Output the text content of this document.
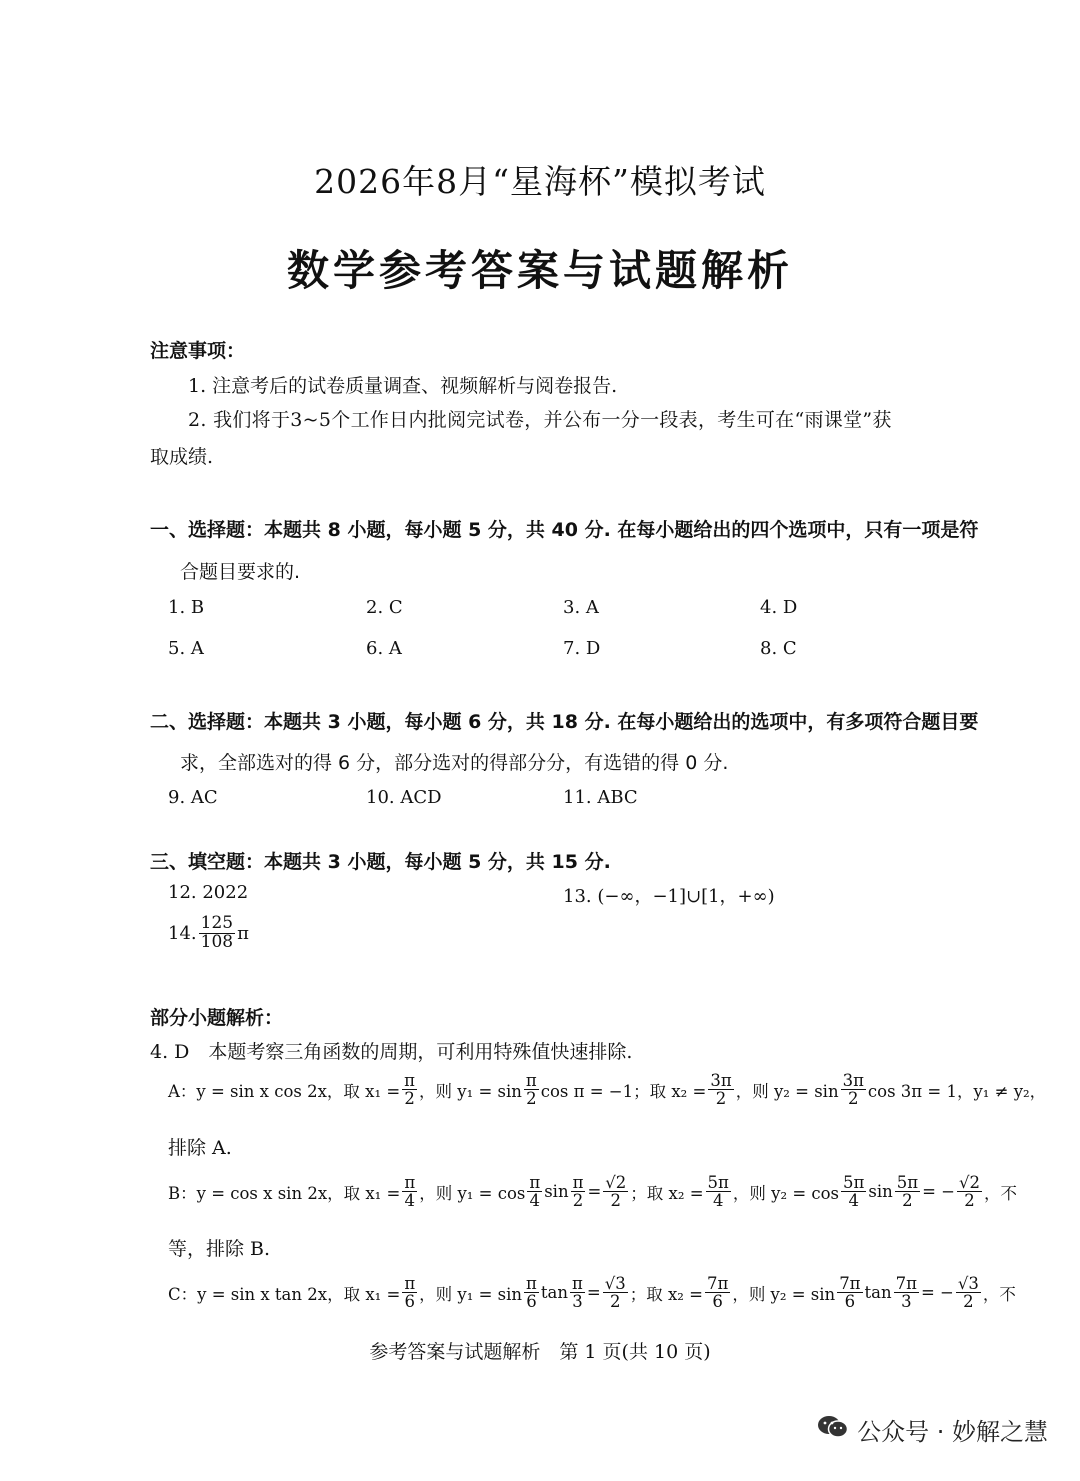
2026年8月“星海杯”模拟考试
数学参考答案与试题解析
注意事项：
1. 注意考后的试卷质量调查、视频解析与阅卷报告.
2. 我们将于3~5个工作日内批阅完试卷，并公布一分一段表，考生可在“雨课堂”获
取成绩.
一、选择题：本题共 8 小题，每小题 5 分，共 40 分. 在每小题给出的四个选项中，只有一项是符
合题目要求的.
1. B	2. C	3. A	4. D
5. A	6. A	7. D	8. C
二、选择题：本题共 3 小题，每小题 6 分，共 18 分. 在每小题给出的选项中，有多项符合题目要
求，全部选对的得 6 分，部分选对的得部分分，有选错的得 0 分.
9. AC	10. ACD	11. ABC
三、填空题：本题共 3 小题，每小题 5 分，共 15 分.
12. 2022	13. (−∞，−1]∪[1，+∞)
14. $\frac{125}{108}$ π
部分小题解析：
4. D　本题考察三角函数的周期，可利用特殊值快速排除.
A：y = sin x cos 2x，取 $x_1 = \frac{\pi}{2}$ ，则 $y_1 = \sin \frac{\pi}{2}$ cos π = −1；取 $x_2 = \frac{3\pi}{2}$ ，则 $y_2 = \sin \frac{3\pi}{2}$ cos 3π = 1，y₁ ≠ y₂，
排除 A.
B：y = cos x sin 2x，取 $x_1 = \frac{\pi}{4}$ ，则 $y_1 = \cos \frac{\pi}{4}$ $\sin \frac{\pi}{2} = \frac{√2}{2}$ ；取 $x_2 = \frac{5\pi}{4}$ ，则 $y_2 = \cos \frac{5\pi}{4}$ $\sin \frac{5\pi}{2}$ = − $\frac{√2}{2}$ ，不
等，排除 B.
C：y = sin x tan 2x，取 $x_1 = \frac{\pi}{6}$ ，则 $y_1 = \sin \frac{\pi}{6}$ $\tan \frac{\pi}{3} = \frac{√3}{2}$ ；取 $x_2 = \frac{7\pi}{6}$ ，则 $y_2 = \sin \frac{7\pi}{6}$ $\tan \frac{7\pi}{3}$ = − $\frac{√3}{2}$ ，不
参考答案与试题解析　第 1 页(共 10 页)
公众号 · 妙解之慧
